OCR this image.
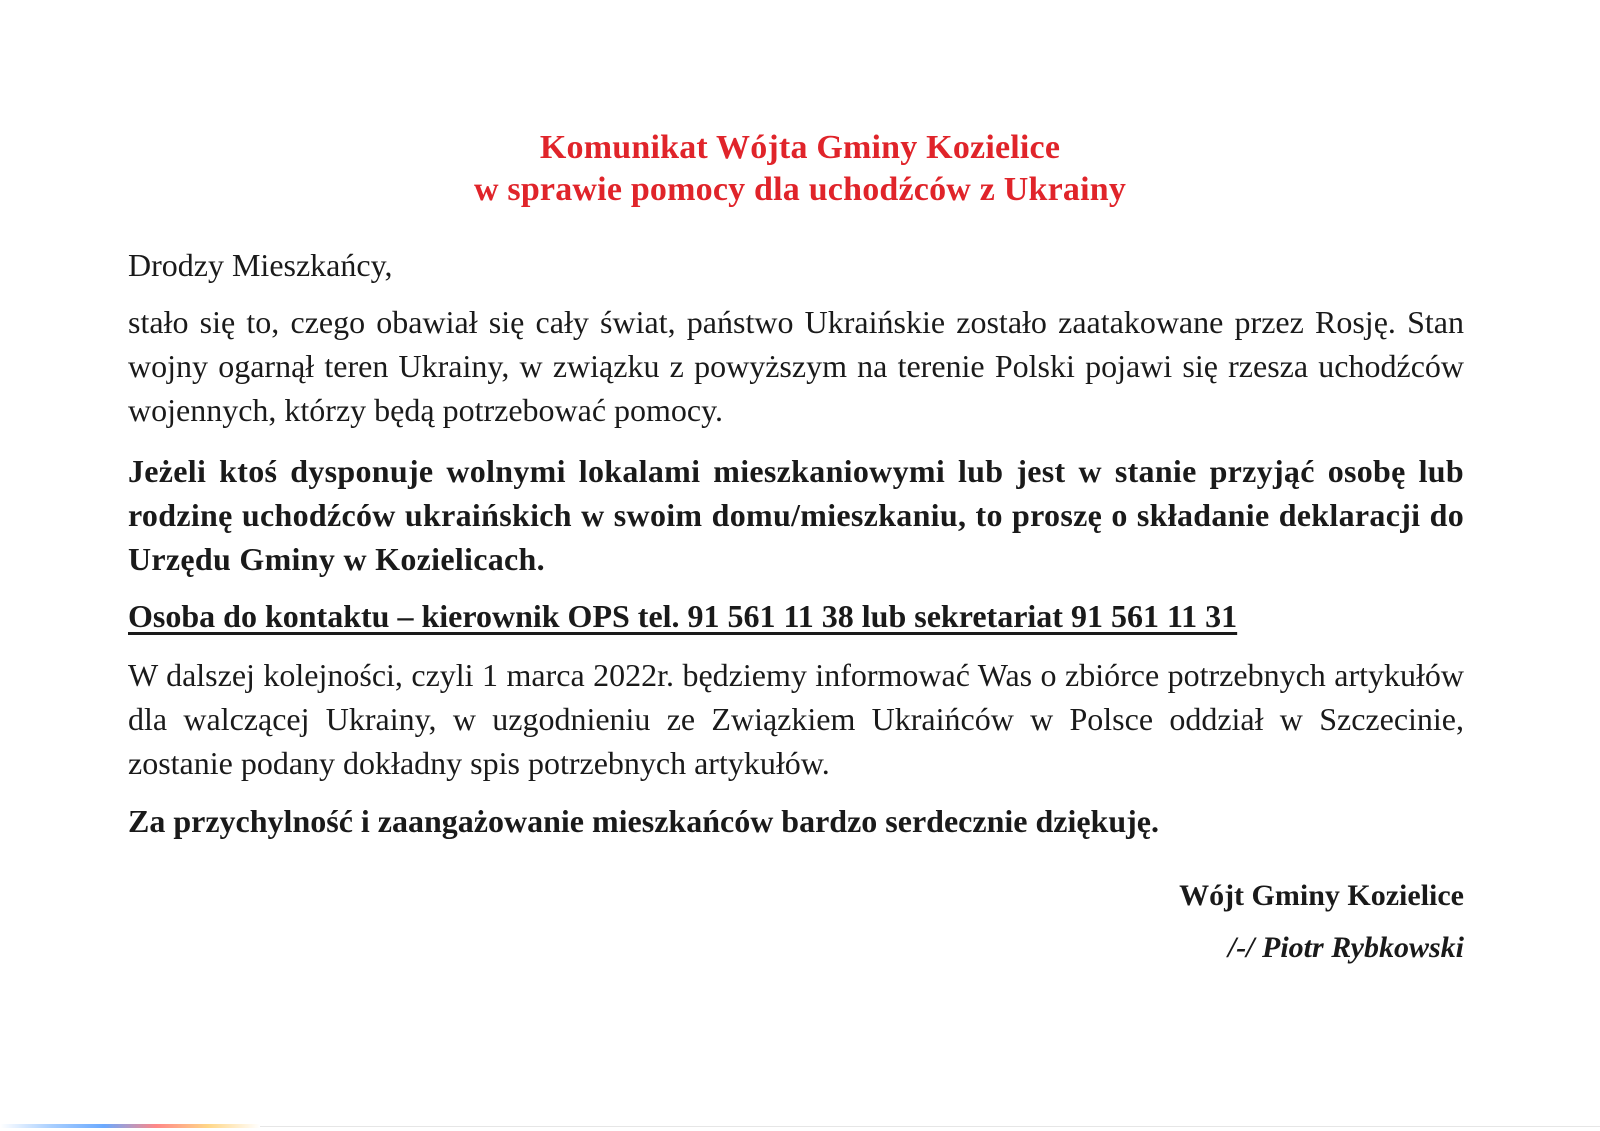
Komunikat Wójta Gminy Kozielice
w sprawie pomocy dla uchodźców z Ukrainy
Drodzy Mieszkańcy,
stało się to, czego obawiał się cały świat, państwo Ukraińskie zostało zaatakowane przez Rosję. Stan wojny ogarnął teren Ukrainy, w związku z powyższym na terenie Polski pojawi się rzesza uchodźców wojennych, którzy będą potrzebować pomocy.
Jeżeli ktoś dysponuje wolnymi lokalami mieszkaniowymi lub jest w stanie przyjąć osobę lub rodzinę uchodźców ukraińskich w swoim domu/mieszkaniu, to proszę o składanie deklaracji do Urzędu Gminy w Kozielicach.
Osoba do kontaktu – kierownik OPS tel. 91 561 11 38 lub sekretariat 91 561 11 31
W dalszej kolejności, czyli 1 marca 2022r. będziemy informować Was o zbiórce potrzebnych artykułów dla walczącej Ukrainy, w uzgodnieniu ze Związkiem Ukraińców w Polsce oddział w Szczecinie, zostanie podany dokładny spis potrzebnych artykułów.
Za przychylność i zaangażowanie mieszkańców bardzo serdecznie dziękuję.
Wójt Gminy Kozielice
/-/ Piotr Rybkowski
